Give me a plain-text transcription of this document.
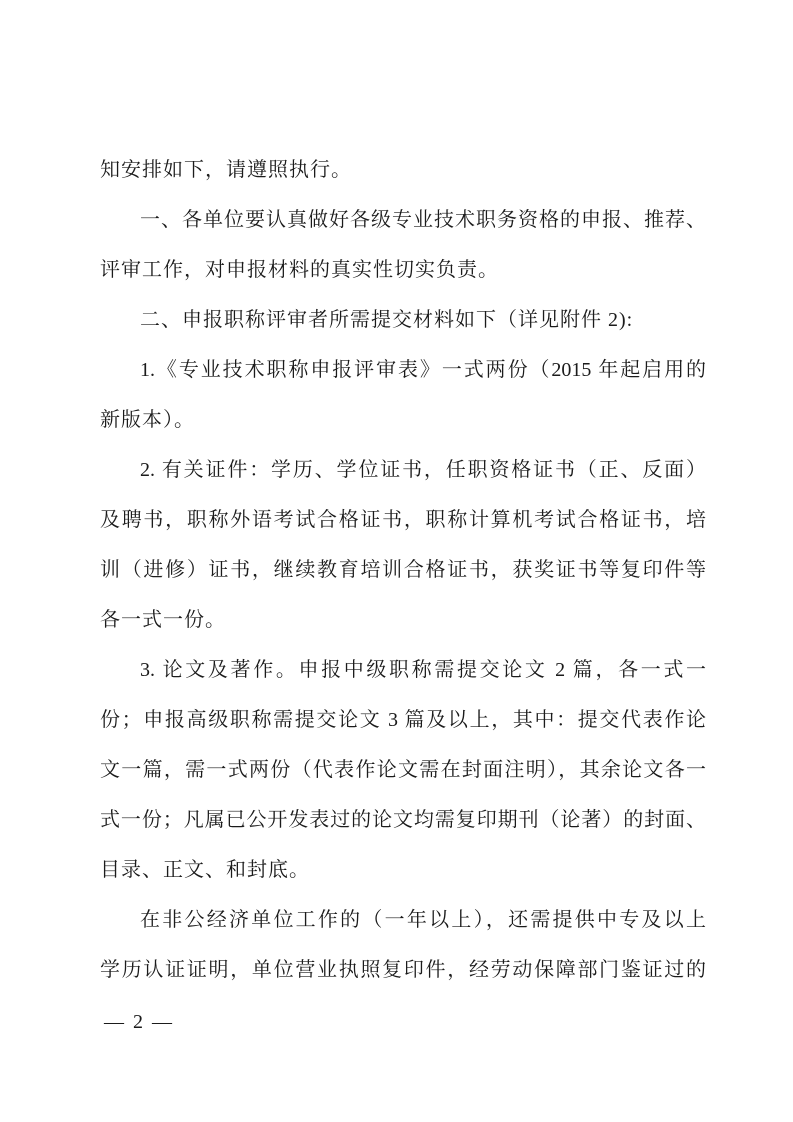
知安排如下，请遵照执行。
一、各单位要认真做好各级专业技术职务资格的申报、推荐、
评审工作，对申报材料的真实性切实负责。
二、申报职称评审者所需提交材料如下（详见附件 2):
1.《专业技术职称申报评审表》一式两份（2015 年起启用的
新版本）。
2. 有关证件：学历、学位证书，任职资格证书（正、反面）
及聘书，职称外语考试合格证书，职称计算机考试合格证书，培
训（进修）证书，继续教育培训合格证书，获奖证书等复印件等
各一式一份。
3. 论文及著作。申报中级职称需提交论文 2 篇，各一式一
份；申报高级职称需提交论文 3 篇及以上，其中：提交代表作论
文一篇，需一式两份（代表作论文需在封面注明），其余论文各一
式一份；凡属已公开发表过的论文均需复印期刊（论著）的封面、
目录、正文、和封底。
在非公经济单位工作的（一年以上），还需提供中专及以上
学历认证证明，单位营业执照复印件，经劳动保障部门鉴证过的
— 2 —
